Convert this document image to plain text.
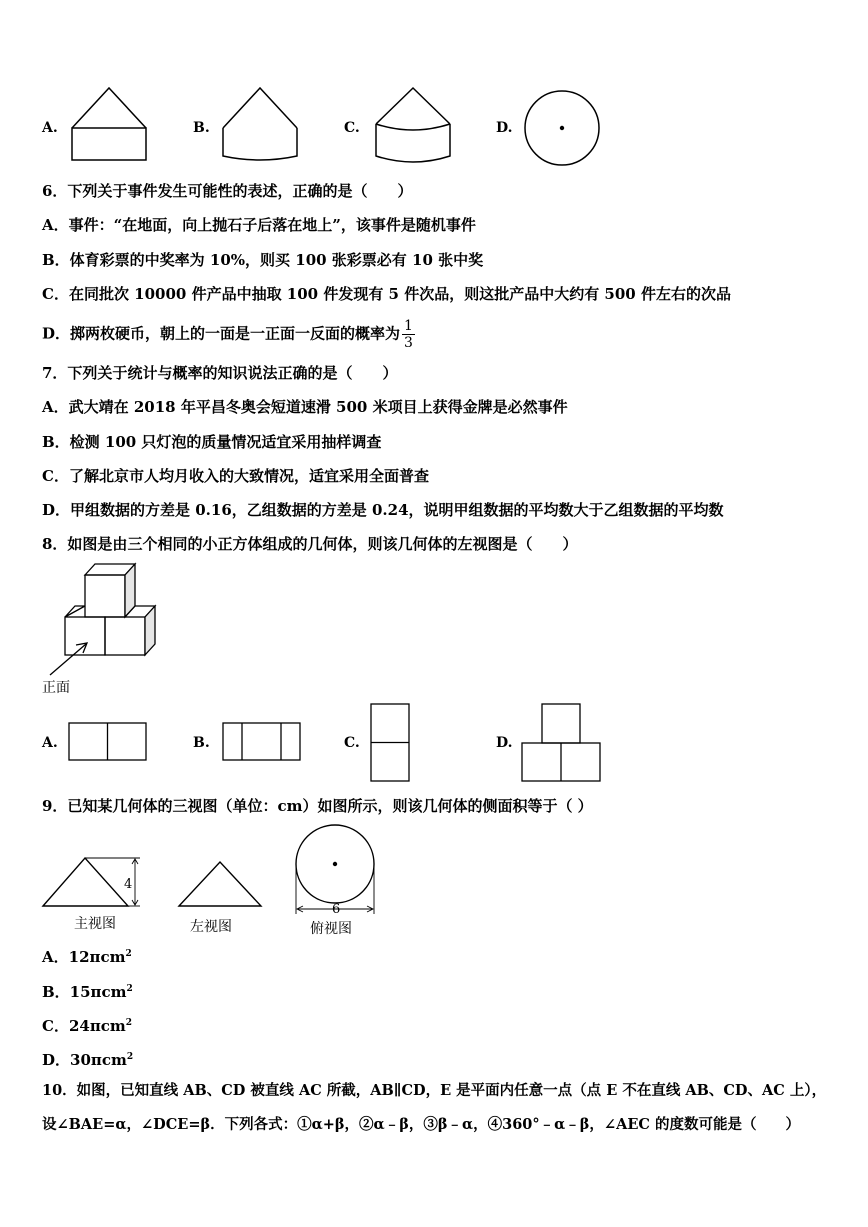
A.	B.	C.	D.
6．下列关于事件发生可能性的表述，正确的是（　　）
A．事件：“在地面，向上抛石子后落在地上”，该事件是随机事件
B．体育彩票的中奖率为 10%，则买 100 张彩票必有 10 张中奖
C．在同批次 10000 件产品中抽取 100 件发现有 5 件次品，则这批产品中大约有 500 件左右的次品
D．掷两枚硬币，朝上的一面是一正面一反面的概率为 $\frac{1}{3}$
7．下列关于统计与概率的知识说法正确的是（　　）
A．武大靖在 2018 年平昌冬奥会短道速滑 500 米项目上获得金牌是必然事件
B．检测 100 只灯泡的质量情况适宜采用抽样调查
C．了解北京市人均月收入的大致情况，适宜采用全面普查
D．甲组数据的方差是 0.16，乙组数据的方差是 0.24，说明甲组数据的平均数大于乙组数据的平均数
8．如图是由三个相同的小正方体组成的几何体，则该几何体的左视图是（　　）
正面
A.	B.	C.	D.
9．已知某几何体的三视图（单位：cm）如图所示，则该几何体的侧面积等于（ ）
4
主视图	左视图
6
俯视图
A．12πcm$^2$
B．15πcm$^2$
C．24πcm$^2$
D．30πcm$^2$
10．如图，已知直线 AB、CD 被直线 AC 所截，AB∥CD，E 是平面内任意一点（点 E 不在直线 AB、CD、AC 上），
设∠BAE=α，∠DCE=β．下列各式：①α+β，②α﹣β，③β﹣α，④360°﹣α﹣β，∠AEC 的度数可能是（　　）
